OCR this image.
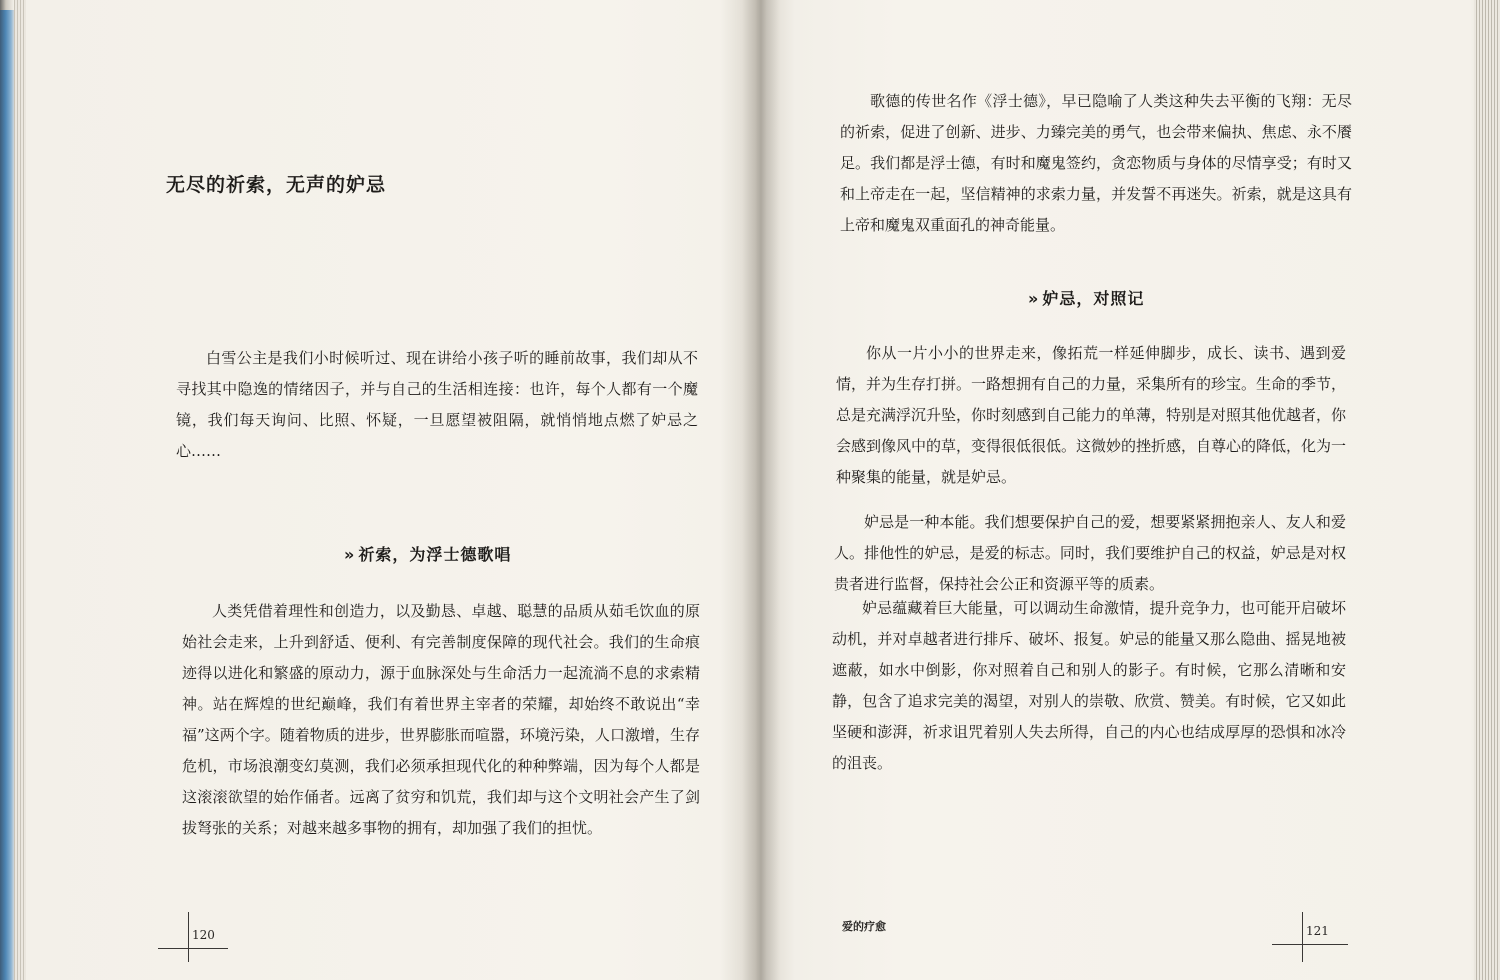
无尽的祈索，无声的妒忌

白雪公主是我们小时候听过、现在讲给小孩子听的睡前故事，我们却从不寻找其中隐逸的情绪因子，并与自己的生活相连接：也许，每个人都有一个魔镜，我们每天询问、比照、怀疑，一旦愿望被阻隔，就悄悄地点燃了妒忌之心……

» 祈索，为浮士德歌唱

人类凭借着理性和创造力，以及勤恳、卓越、聪慧的品质从茹毛饮血的原始社会走来，上升到舒适、便利、有完善制度保障的现代社会。我们的生命痕迹得以进化和繁盛的原动力，源于血脉深处与生命活力一起流淌不息的求索精神。站在辉煌的世纪巅峰，我们有着世界主宰者的荣耀，却始终不敢说出“幸福”这两个字。随着物质的进步，世界膨胀而喧嚣，环境污染，人口激增，生存危机，市场浪潮变幻莫测，我们必须承担现代化的种种弊端，因为每个人都是这滚滚欲望的始作俑者。远离了贫穷和饥荒，我们却与这个文明社会产生了剑拔弩张的关系；对越来越多事物的拥有，却加强了我们的担忧。

120

歌德的传世名作《浮士德》，早已隐喻了人类这种失去平衡的飞翔：无尽的祈索，促进了创新、进步、力臻完美的勇气，也会带来偏执、焦虑、永不餍足。我们都是浮士德，有时和魔鬼签约，贪恋物质与身体的尽情享受；有时又和上帝走在一起，坚信精神的求索力量，并发誓不再迷失。祈索，就是这具有上帝和魔鬼双重面孔的神奇能量。

» 妒忌，对照记

你从一片小小的世界走来，像拓荒一样延伸脚步，成长、读书、遇到爱情，并为生存打拼。一路想拥有自己的力量，采集所有的珍宝。生命的季节，总是充满浮沉升坠，你时刻感到自己能力的单薄，特别是对照其他优越者，你会感到像风中的草，变得很低很低。这微妙的挫折感，自尊心的降低，化为一种聚集的能量，就是妒忌。

妒忌是一种本能。我们想要保护自己的爱，想要紧紧拥抱亲人、友人和爱人。排他性的妒忌，是爱的标志。同时，我们要维护自己的权益，妒忌是对权贵者进行监督，保持社会公正和资源平等的质素。

妒忌蕴藏着巨大能量，可以调动生命激情，提升竞争力，也可能开启破坏动机，并对卓越者进行排斥、破坏、报复。妒忌的能量又那么隐曲、摇晃地被遮蔽，如水中倒影，你对照着自己和别人的影子。有时候，它那么清晰和安静，包含了追求完美的渴望，对别人的崇敬、欣赏、赞美。有时候，它又如此坚硬和澎湃，祈求诅咒着别人失去所得，自己的内心也结成厚厚的恐惧和冰冷的沮丧。

爱的疗愈	121
